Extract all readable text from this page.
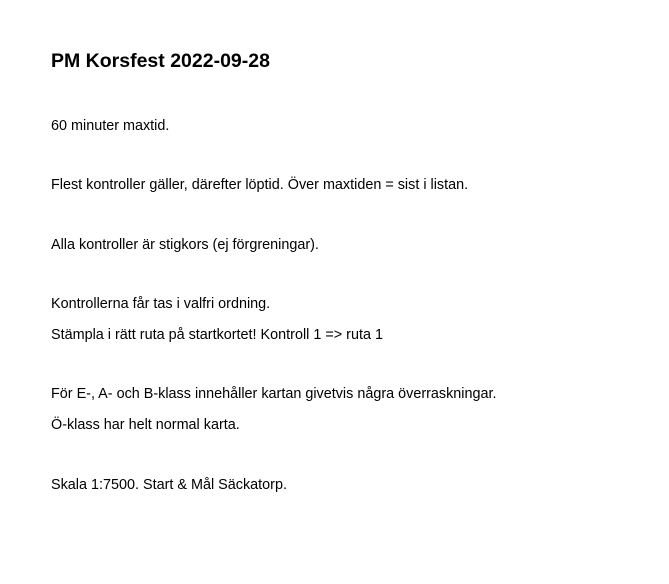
PM Korsfest 2022-09-28

60 minuter maxtid.

Flest kontroller gäller, därefter löptid. Över maxtiden = sist i listan.

Alla kontroller är stigkors (ej förgreningar).

Kontrollerna får tas i valfri ordning.

Stämpla i rätt ruta på startkortet! Kontroll 1 => ruta 1

För E-, A- och B-klass innehåller kartan givetvis några överraskningar.

Ö-klass har helt normal karta.

Skala 1:7500. Start & Mål Säckatorp.
